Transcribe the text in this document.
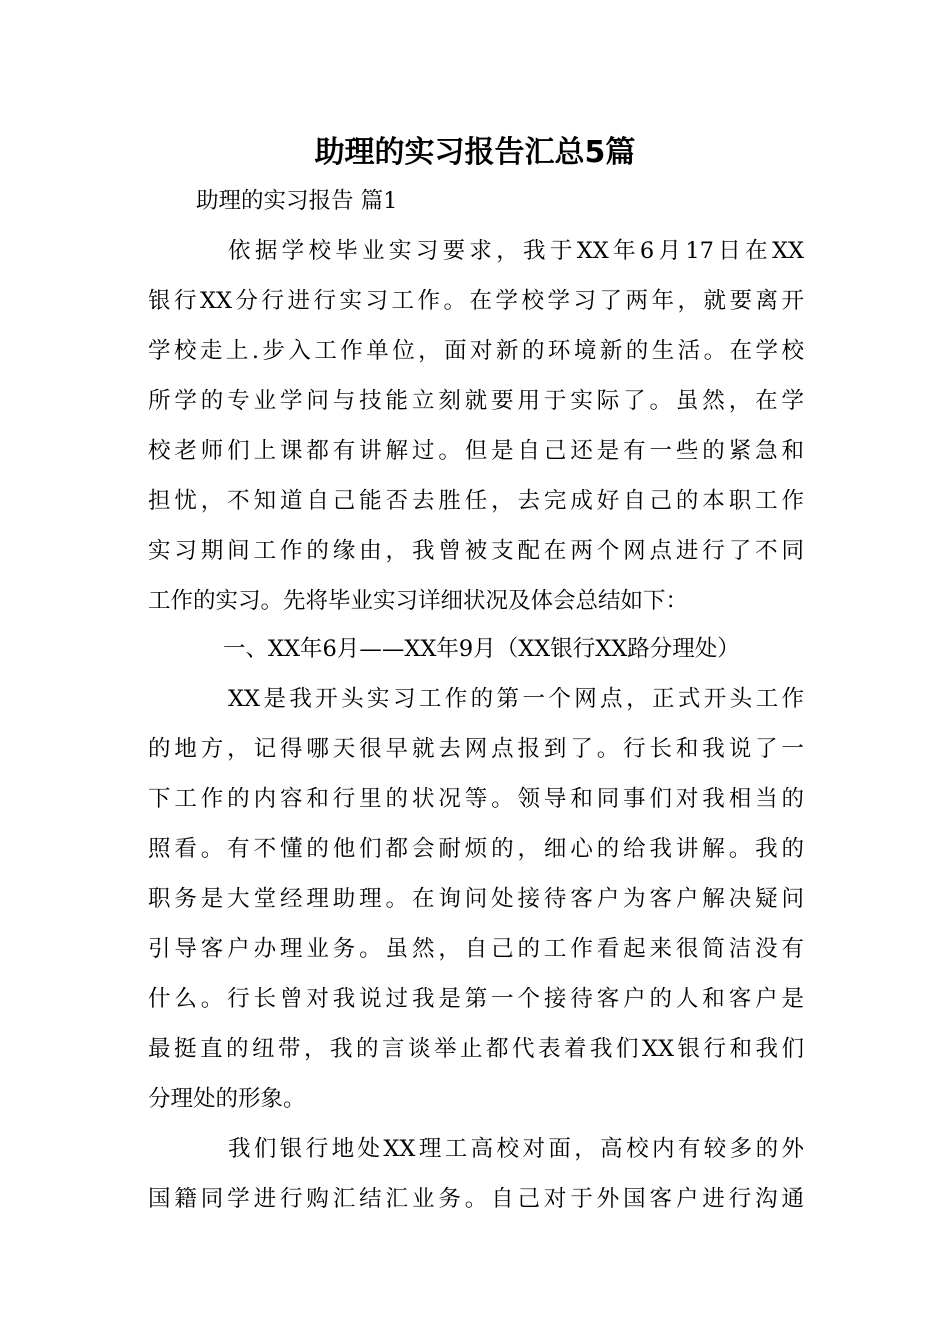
助理的实习报告汇总5篇
助理的实习报告 篇1
依据学校毕业实习要求，我于XX年6月17日在XX
银行XX分行进行实习工作。在学校学习了两年，就要离开
学校走上.步入工作单位，面对新的环境新的生活。在学校
所学的专业学问与技能立刻就要用于实际了。虽然，在学
校老师们上课都有讲解过。但是自己还是有一些的紧急和
担忧，不知道自己能否去胜任，去完成好自己的本职工作
实习期间工作的缘由，我曾被支配在两个网点进行了不同
工作的实习。先将毕业实习详细状况及体会总结如下：
一、XX年6月——XX年9月（XX银行XX路分理处）
XX是我开头实习工作的第一个网点，正式开头工作
的地方，记得哪天很早就去网点报到了。行长和我说了一
下工作的内容和行里的状况等。领导和同事们对我相当的
照看。有不懂的他们都会耐烦的，细心的给我讲解。我的
职务是大堂经理助理。在询问处接待客户为客户解决疑问
引导客户办理业务。虽然，自己的工作看起来很简洁没有
什么。行长曾对我说过我是第一个接待客户的人和客户是
最挺直的纽带，我的言谈举止都代表着我们XX银行和我们
分理处的形象。
我们银行地处XX理工高校对面，高校内有较多的外
国籍同学进行购汇结汇业务。自己对于外国客户进行沟通
